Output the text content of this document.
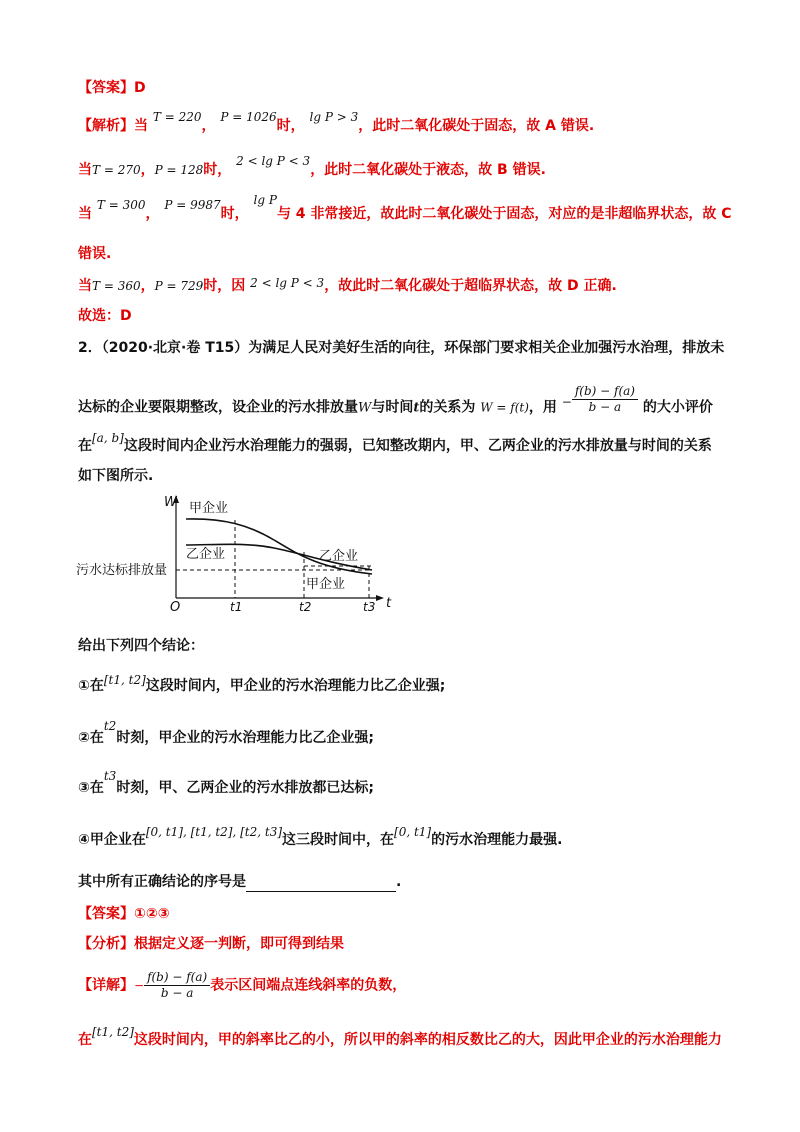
【答案】D
【解析】当 T = 220， P = 1026时， lg P > 3，此时二氧化碳处于固态，故 A 错误.
当T = 270，P = 128时， 2 < lg P < 3，此时二氧化碳处于液态，故 B 错误.
当 T = 300， P = 9987时， lg P与 4 非常接近，故此时二氧化碳处于固态，对应的是非超临界状态，故 C
错误.
当T = 360，P = 729时，因 2 < lg P < 3，故此时二氧化碳处于超临界状态，故 D 正确.
故选：D
2．（2020·北京·卷 T15）为满足人民对美好生活的向往，环保部门要求相关企业加强污水治理，排放未
达标的企业要限期整改，设企业的污水排放量W与时间t的关系为 W = f(t)，用 − $\frac{f(b) - f(a)}{b - a}$ 的大小评价
在[a, b]这段时间内企业污水治理能力的强弱，已知整改期内，甲、乙两企业的污水排放量与时间的关系
如下图所示.
W
t
O
甲企业
乙企业	乙企业
甲企业
污水达标排放量
t1	t2	t3
给出下列四个结论：
①在[t1, t2]这段时间内，甲企业的污水治理能力比乙企业强;
②在t2时刻，甲企业的污水治理能力比乙企业强;
③在t3时刻，甲、乙两企业的污水排放都已达标;
④甲企业在[0, t1], [t1, t2], [t2, t3]这三段时间中，在[0, t1]的污水治理能力最强.
其中所有正确结论的序号是	.
【答案】①②③
【分析】根据定义逐一判断，即可得到结果
【详解】− $\frac{f(b) - f(a)}{b - a}$ 表示区间端点连线斜率的负数，
在[t1, t2]这段时间内，甲的斜率比乙的小，所以甲的斜率的相反数比乙的大，因此甲企业的污水治理能力
